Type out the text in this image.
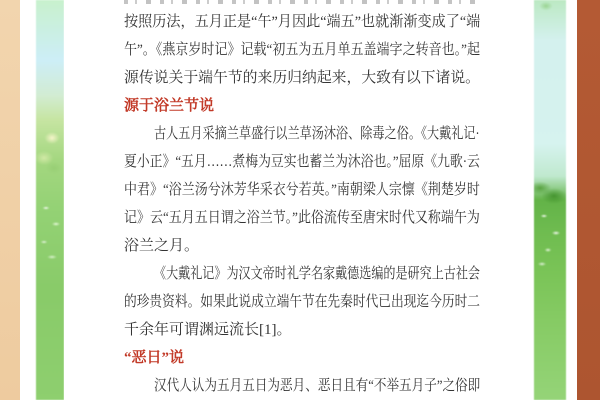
按照历法，五月正是“午”月因此“端五”也就渐渐变成了“端
午”。《燕京岁时记》记载“初五为五月单五盖端字之转音也。”起
源传说关于端午节的来历归纳起来，大致有以下诸说。
源于浴兰节说
古人五月采摘兰草盛行以兰草汤沐浴、除毒之俗。《大戴礼记·
夏小正》“五月……煮梅为豆实也蓄兰为沐浴也。”屈原《九歌·云
中君》“浴兰汤兮沐芳华采衣兮若英。”南朝梁人宗懔《荆楚岁时
记》云“五月五日谓之浴兰节。”此俗流传至唐宋时代又称端午为
浴兰之月。
《大戴礼记》为汉文帝时礼学名家戴德选编的是研究上古社会
的珍贵资料。如果此说成立端午节在先秦时代已出现迄今历时二
千余年可谓渊远流长[1]。
“恶日”说
汉代人认为五月五日为恶月、恶日且有“不举五月子”之俗即
